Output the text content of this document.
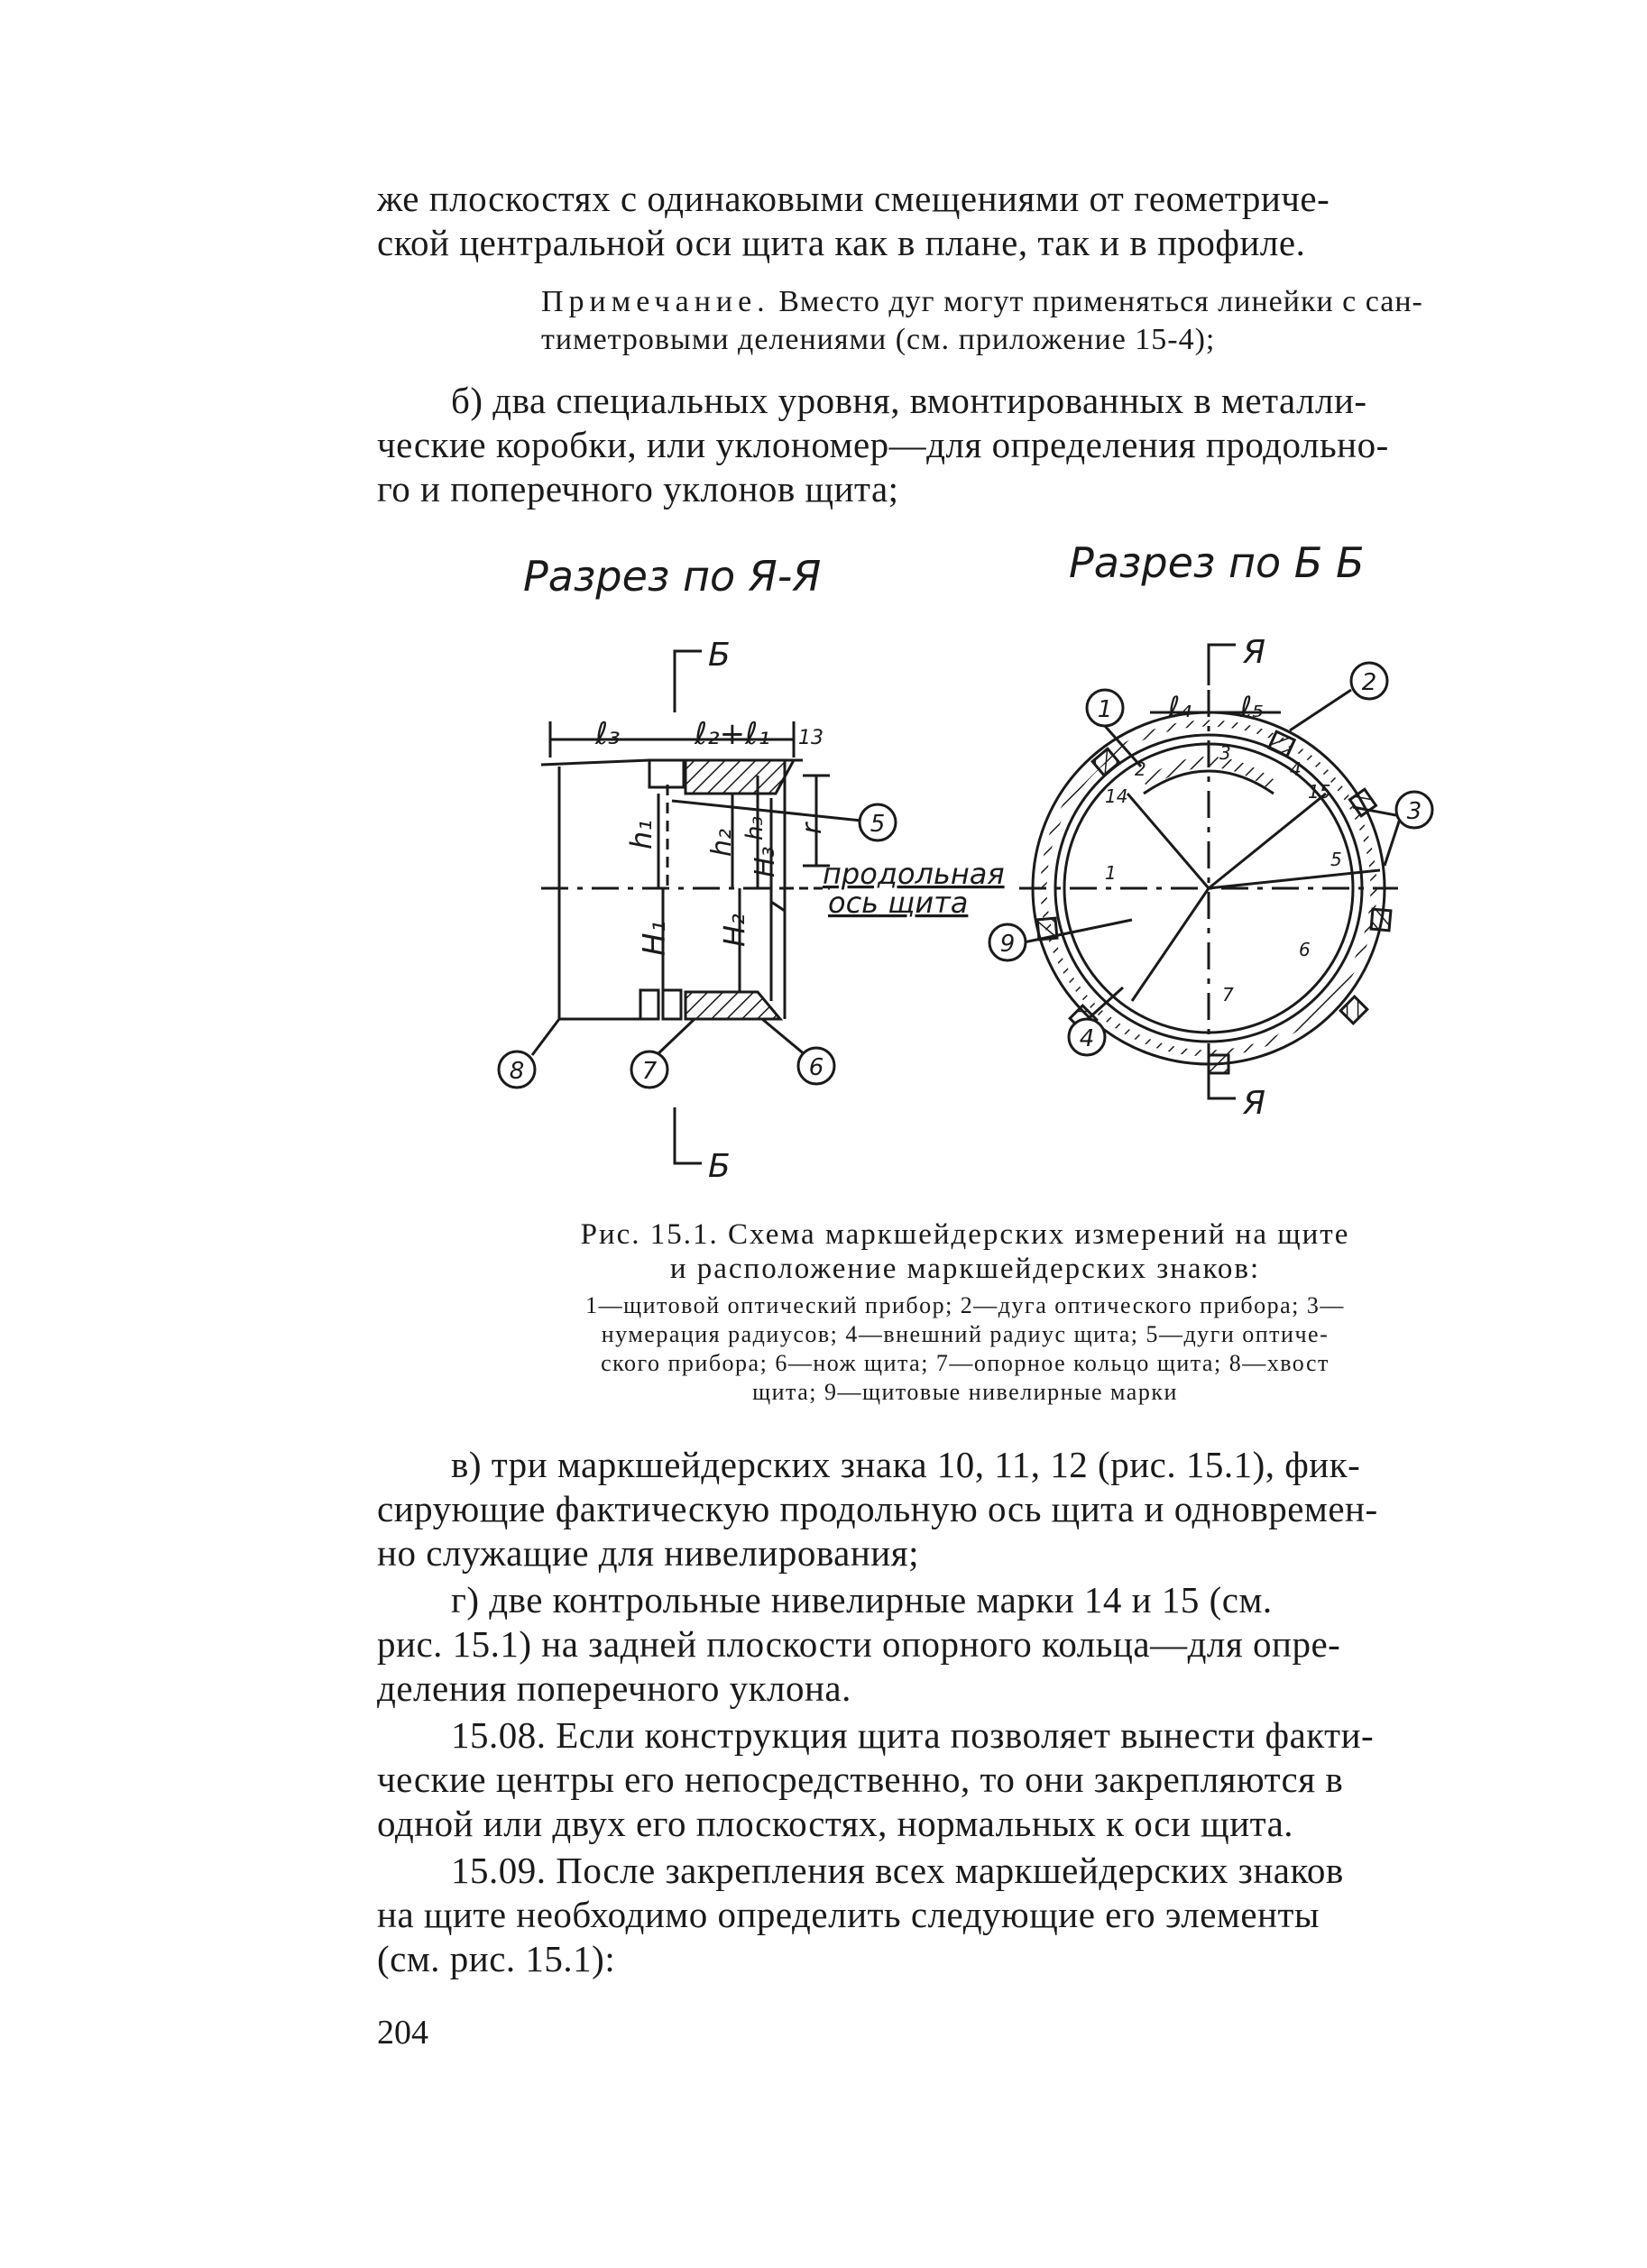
же плоскостях с одинаковыми смещениями от геометриче-
ской центральной оси щита как в плане, так и в профиле.

Примечание. Вместо дуг могут применяться линейки с сан-
тиметровыми делениями (см. приложение 15-4);

б) два специальных уровня, вмонтированных в металли-
ческие коробки, или уклономер—для определения продольно-
го и поперечного уклонов щита;

Разрез по Я-Я	Разрез по Б Б
Б
Б
ℓ₃ ℓ₂+ℓ₁ 13
h₁ h₂
h₃ r
H₁ H₂
H₃ продольная
ось щита
Я
Я
ℓ₄ ℓ₅
1
2
3
4
5
6
7
14	15
1
2
3
4
5
6
7
8
9

Рис. 15.1. Схема маркшейдерских измерений на щите
и расположение маркшейдерских знаков:

1—щитовой оптический прибор; 2—дуга оптического прибора; 3—
нумерация радиусов; 4—внешний радиус щита; 5—дуги оптиче-
ского прибора; 6—нож щита; 7—опорное кольцо щита; 8—хвост
щита; 9—щитовые нивелирные марки

в) три маркшейдерских знака 10, 11, 12 (рис. 15.1), фик-
сирующие фактическую продольную ось щита и одновремен-
но служащие для нивелирования;

г) две контрольные нивелирные марки 14 и 15 (см.
рис. 15.1) на задней плоскости опорного кольца—для опре-
деления поперечного уклона.

15.08. Если конструкция щита позволяет вынести факти-
ческие центры его непосредственно, то они закрепляются в
одной или двух его плоскостях, нормальных к оси щита.

15.09. После закрепления всех маркшейдерских знаков
на щите необходимо определить следующие его элементы
(см. рис. 15.1):

204
